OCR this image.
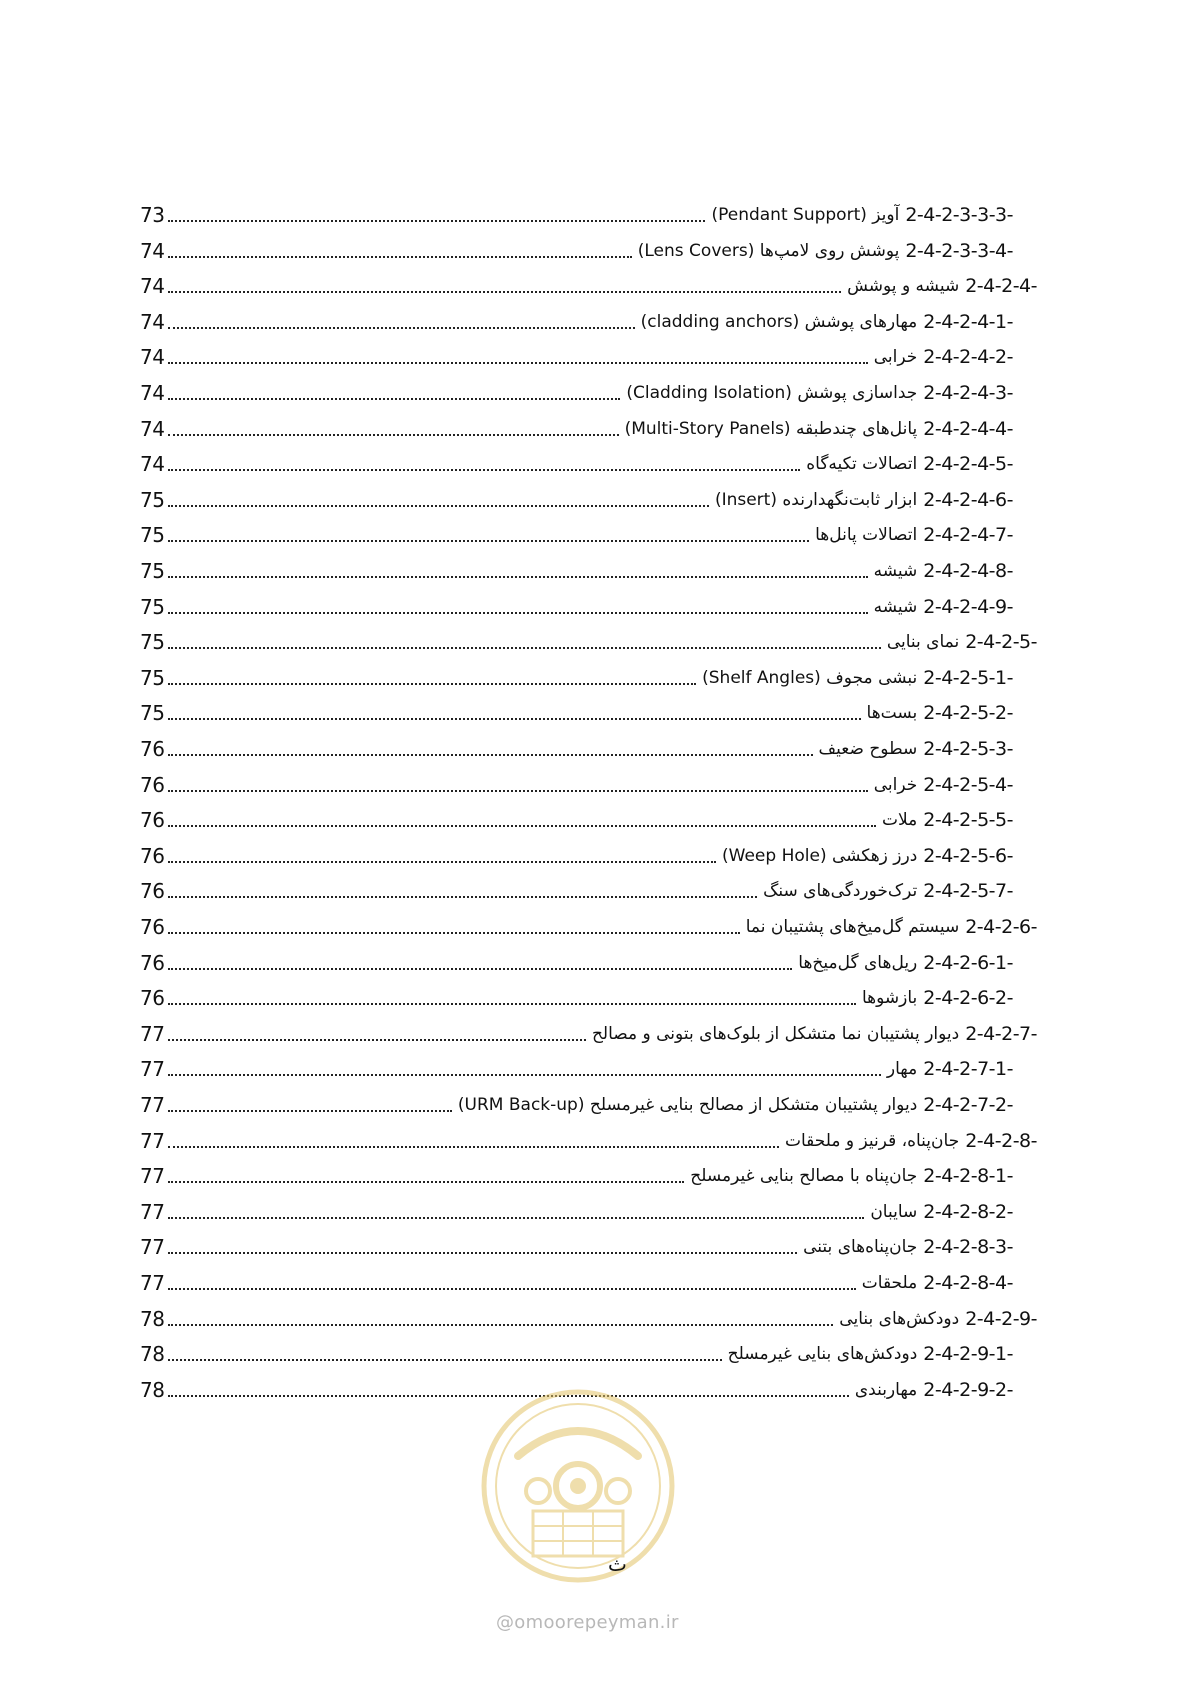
73	2-4-2-3-3-3-
آویز (Pendant Support)
74	2-4-2-3-3-4-
پوشش روی لامپ‌ها (Lens Covers)
74	2-4-2-4-
شیشه و پوشش
74	2-4-2-4-1-
مهارهای پوشش (cladding anchors)
74	2-4-2-4-2-
خرابی
74	2-4-2-4-3-
جداسازی پوشش (Cladding Isolation)
74	2-4-2-4-4-
پانل‌های چندطبقه (Multi-Story Panels)
74	2-4-2-4-5-
اتصالات تکیه‌گاه
75	2-4-2-4-6-
ابزار ثابت‌نگهدارنده (Insert)
75	2-4-2-4-7-
اتصالات پانل‌ها
75	2-4-2-4-8-
شیشه
75	2-4-2-4-9-
شیشه
75	2-4-2-5-
نمای بنایی
75	2-4-2-5-1-
نبشی مجوف (Shelf Angles)
75	2-4-2-5-2-
بست‌ها
76	2-4-2-5-3-
سطوح ضعیف
76	2-4-2-5-4-
خرابی
76	2-4-2-5-5-
ملات
76	2-4-2-5-6-
درز زهکشی (Weep Hole)
76	2-4-2-5-7-
ترک‌خوردگی‌های سنگ
76	2-4-2-6-
سیستم گل‌میخ‌های پشتیبان نما
76	2-4-2-6-1-
ریل‌های گل‌میخ‌ها
76	2-4-2-6-2-
بازشوها
77	2-4-2-7-
دیوار پشتیبان نما متشکل از بلوک‌های بتونی و مصالح
77	2-4-2-7-1-
مهار
77	2-4-2-7-2-
دیوار پشتیبان متشکل از مصالح بنایی غیرمسلح (URM Back-up)
77	2-4-2-8-
جان‌پناه، قرنیز و ملحقات
77	2-4-2-8-1-
جان‌پناه با مصالح بنایی غیرمسلح
77	2-4-2-8-2-
سایبان
77	2-4-2-8-3-
جان‌پناه‌های بتنی
77	2-4-2-8-4-
ملحقات
78	2-4-2-9-
دودکش‌های بنایی
78	2-4-2-9-1-
دودکش‌های بنایی غیرمسلح
78	2-4-2-9-2-
مهاربندی
ث
@omoorepeyman.ir
